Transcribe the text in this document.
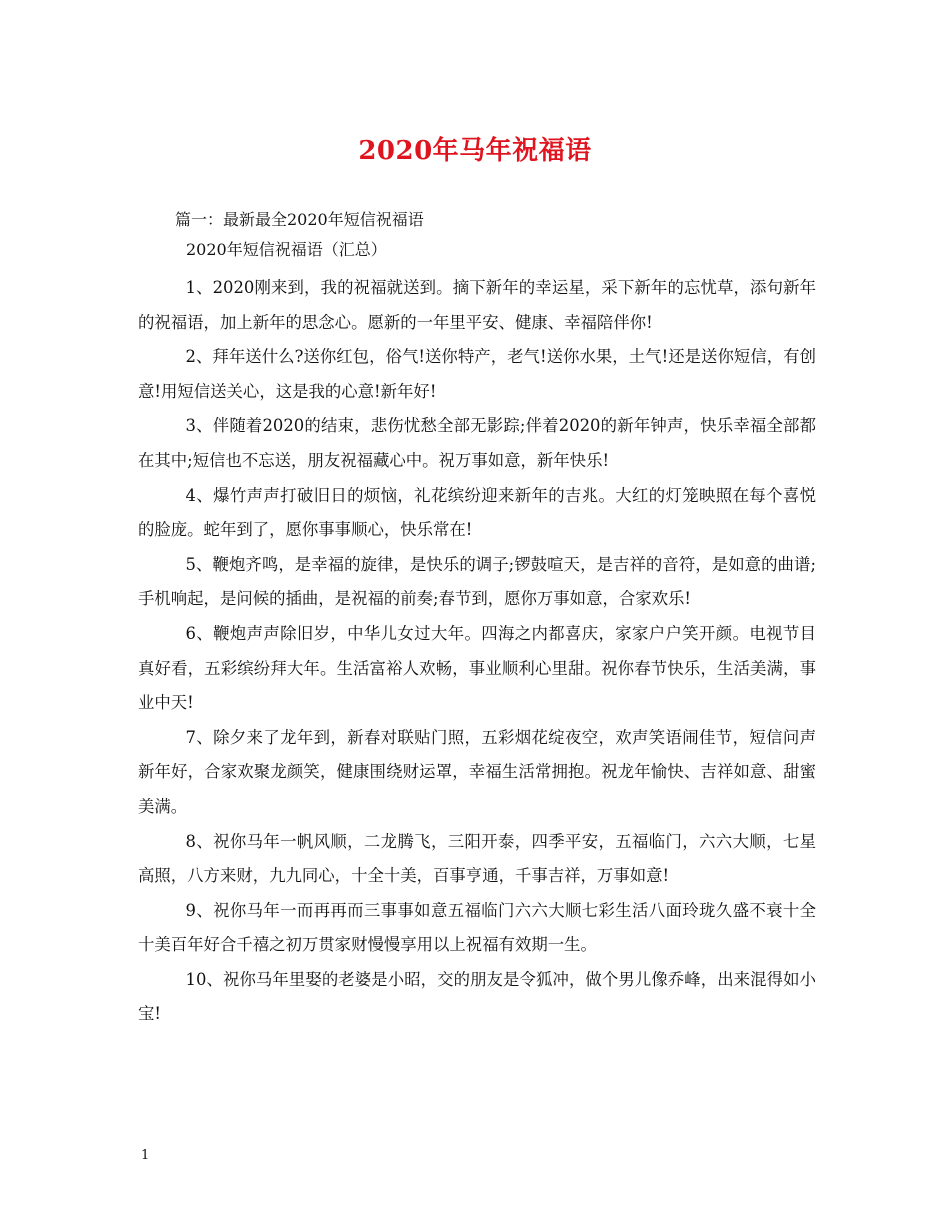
2020年马年祝福语
篇一：最新最全2020年短信祝福语
2020年短信祝福语（汇总）

1、2020刚来到，我的祝福就送到。摘下新年的幸运星，采下新年的忘忧草，添句新年的祝福语，加上新年的思念心。愿新的一年里平安、健康、幸福陪伴你!

2、拜年送什么?送你红包，俗气!送你特产，老气!送你水果，土气!还是送你短信，有创意!用短信送关心，这是我的心意!新年好!

3、伴随着2020的结束，悲伤忧愁全部无影踪;伴着2020的新年钟声，快乐幸福全部都在其中;短信也不忘送，朋友祝福藏心中。祝万事如意，新年快乐!

4、爆竹声声打破旧日的烦恼，礼花缤纷迎来新年的吉兆。大红的灯笼映照在每个喜悦的脸庞。蛇年到了，愿你事事顺心，快乐常在!

5、鞭炮齐鸣，是幸福的旋律，是快乐的调子;锣鼓喧天，是吉祥的音符，是如意的曲谱;手机响起，是问候的插曲，是祝福的前奏;春节到，愿你万事如意，合家欢乐!

6、鞭炮声声除旧岁，中华儿女过大年。四海之内都喜庆，家家户户笑开颜。电视节目真好看，五彩缤纷拜大年。生活富裕人欢畅，事业顺利心里甜。祝你春节快乐，生活美满，事业中天!

7、除夕来了龙年到，新春对联贴门照，五彩烟花绽夜空，欢声笑语闹佳节，短信问声新年好，合家欢聚龙颜笑，健康围绕财运罩，幸福生活常拥抱。祝龙年愉快、吉祥如意、甜蜜美满。

8、祝你马年一帆风顺，二龙腾飞，三阳开泰，四季平安，五福临门，六六大顺，七星高照，八方来财，九九同心，十全十美，百事亨通，千事吉祥，万事如意!

9、祝你马年一而再再而三事事如意五福临门六六大顺七彩生活八面玲珑久盛不衰十全十美百年好合千禧之初万贯家财慢慢享用以上祝福有效期一生。

10、祝你马年里娶的老婆是小昭，交的朋友是令狐冲，做个男儿像乔峰，出来混得如小宝!

1
